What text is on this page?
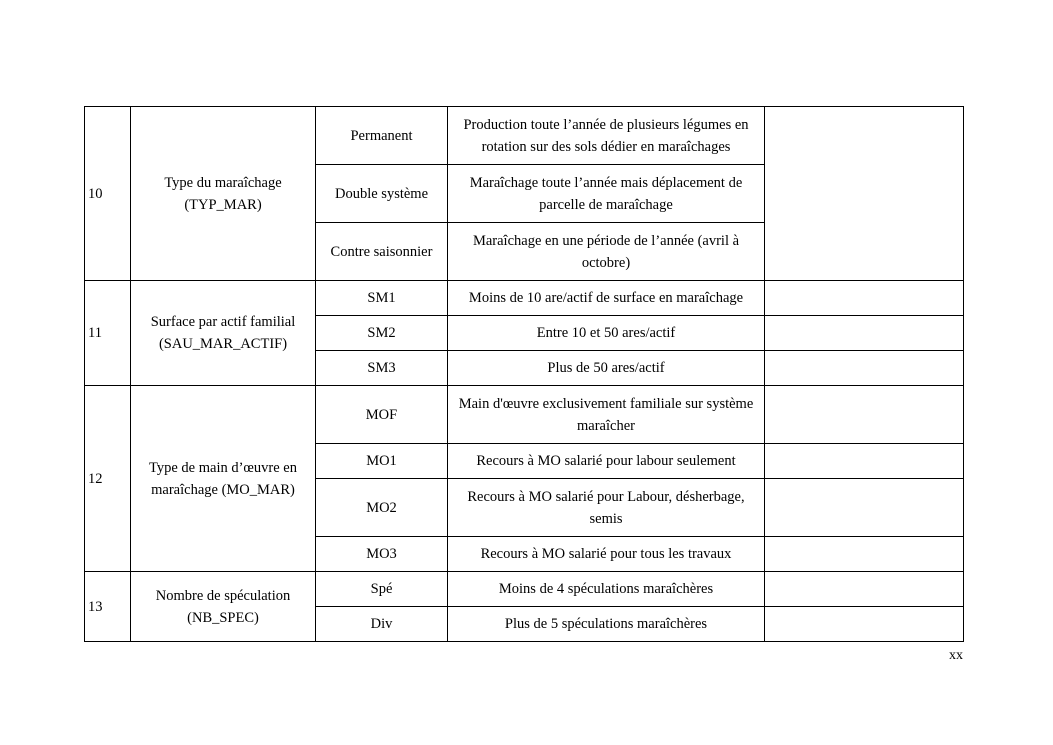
10	Type du maraîchage (TYP_MAR)	Permanent	Production toute l’année de plusieurs légumes en rotation sur des sols dédier en maraîchages	
		Double système	Maraîchage toute l’année mais déplacement de parcelle de maraîchage	
		Contre saisonnier	Maraîchage en une période de l’année (avril à octobre)	
11	Surface par actif familial (SAU_MAR_ACTIF)	SM1	Moins de 10 are/actif de surface en maraîchage	
		SM2	Entre 10 et 50 ares/actif	
		SM3	Plus de 50 ares/actif	
12	Type de main d’œuvre en maraîchage (MO_MAR)	MOF	Main d'œuvre exclusivement familiale sur système maraîcher	
		MO1	Recours à MO salarié pour labour seulement	
		MO2	Recours à MO salarié pour Labour, désherbage, semis	
		MO3	Recours à MO salarié pour tous les travaux	
13	Nombre de spéculation (NB_SPEC)	Spé	Moins de 4 spéculations maraîchères	
		Div	Plus de 5 spéculations maraîchères	
xx
